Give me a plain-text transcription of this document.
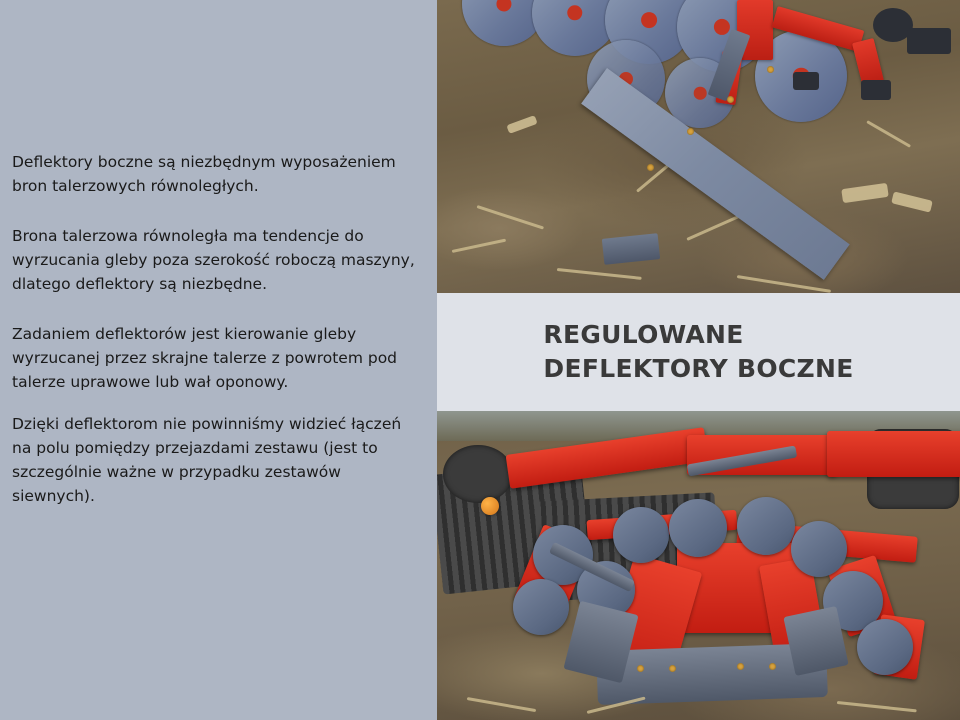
Deflektory boczne są niezbędnym wyposażeniem bron talerzowych równoległych.

Brona talerzowa równoległa ma tendencje do wyrzucania gleby poza szerokość roboczą maszyny, dlatego deflektory są niezbędne.

Zadaniem deflektorów jest kierowanie gleby wyrzucanej przez skrajne talerze z powrotem pod talerze uprawowe lub wał oponowy.

Dzięki deflektorom nie powinniśmy widzieć łączeń na polu pomiędzy przejazdami zestawu (jest to szczególnie ważne w przypadku zestawów siewnych).

REGULOWANE
DEFLEKTORY BOCZNE
